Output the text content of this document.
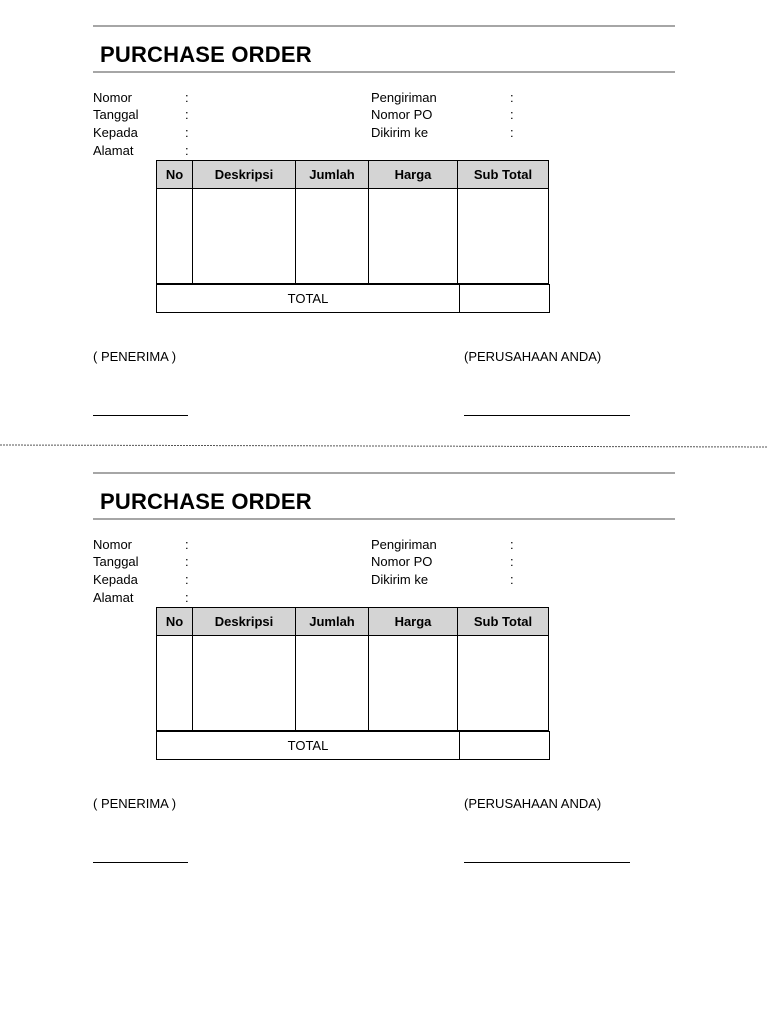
PURCHASE ORDER
Nomor	:
Tanggal	:
Kepada	:
Alamat	:
Pengiriman	:
Nomor PO	:
Dikirim ke	:
No	Deskripsi	Jumlah	Harga	Sub Total

TOTAL	
( PENERIMA )	(PERUSAHAAN ANDA)
PURCHASE ORDER
Nomor	:
Tanggal	:
Kepada	:
Alamat	:
Pengiriman	:
Nomor PO	:
Dikirim ke	:
No	Deskripsi	Jumlah	Harga	Sub Total

TOTAL	
( PENERIMA )	(PERUSAHAAN ANDA)
